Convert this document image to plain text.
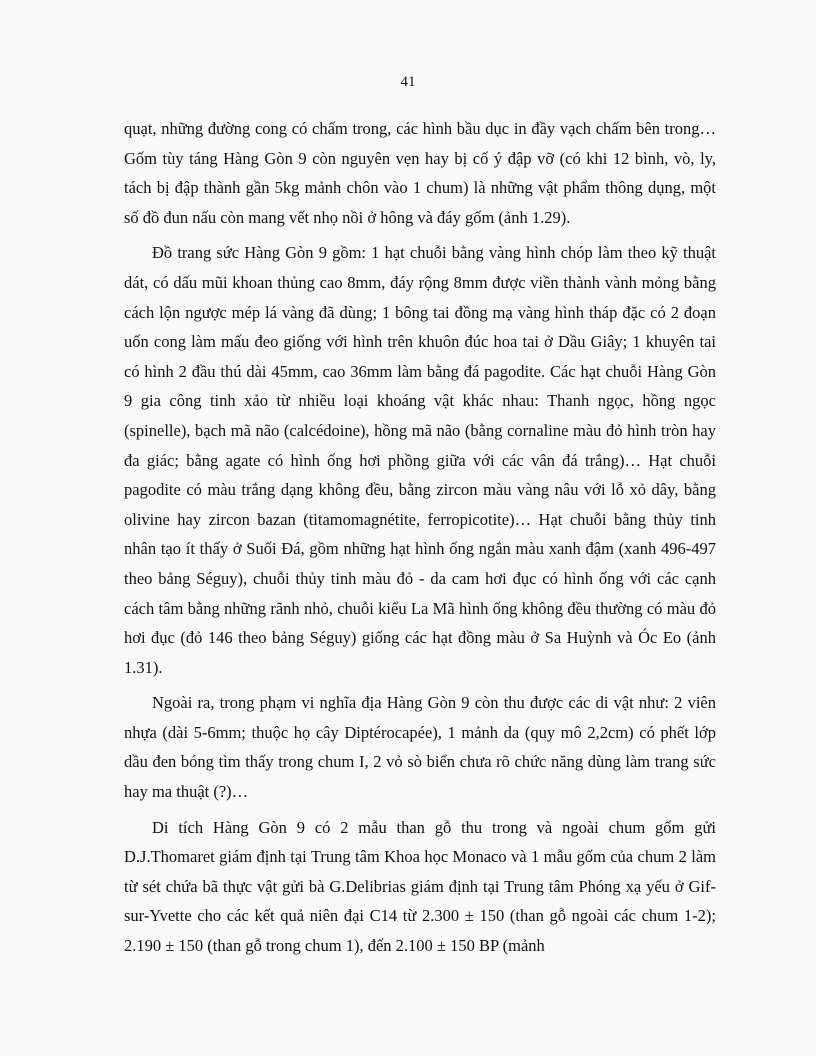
41

quạt, những đường cong có chấm trong, các hình bầu dục in đầy vạch chấm bên trong… Gốm tùy táng Hàng Gòn 9 còn nguyên vẹn hay bị cố ý đập vỡ (có khi 12 bình, vò, ly, tách bị đập thành gần 5kg mảnh chôn vào 1 chum) là những vật phẩm thông dụng, một số đồ đun nấu còn mang vết nhọ nồi ở hông và đáy gốm (ảnh 1.29).

Đồ trang sức Hàng Gòn 9 gồm: 1 hạt chuỗi bằng vàng hình chóp làm theo kỹ thuật dát, có dấu mũi khoan thủng cao 8mm, đáy rộng 8mm được viền thành vành mỏng bằng cách lộn ngược mép lá vàng đã dùng; 1 bông tai đồng mạ vàng hình tháp đặc có 2 đoạn uốn cong làm mấu đeo giống với hình trên khuôn đúc hoa tai ở Dầu Giây; 1 khuyên tai có hình 2 đầu thú dài 45mm, cao 36mm làm bằng đá pagodite. Các hạt chuỗi Hàng Gòn 9 gia công tinh xảo từ nhiều loại khoáng vật khác nhau: Thanh ngọc, hồng ngọc (spinelle), bạch mã não (calcédoine), hồng mã não (bằng cornaline màu đỏ hình tròn hay đa giác; bằng agate có hình ống hơi phồng giữa với các vân đá trắng)… Hạt chuỗi pagodite có màu trắng dạng không đều, bằng zircon màu vàng nâu với lỗ xỏ dây, bằng olivine hay zircon bazan (titamomagnétite, ferropicotite)… Hạt chuỗi bằng thủy tinh nhân tạo ít thấy ở Suối Đá, gồm những hạt hình ống ngắn màu xanh đậm (xanh 496-497 theo bảng Séguy), chuỗi thủy tinh màu đỏ - da cam hơi đục có hình ống với các cạnh cách tâm bằng những rãnh nhỏ, chuỗi kiểu La Mã hình ống không đều thường có màu đỏ hơi đục (đỏ 146 theo bảng Séguy) giống các hạt đồng màu ở Sa Huỳnh và Óc Eo (ảnh 1.31).

Ngoài ra, trong phạm vi nghĩa địa Hàng Gòn 9 còn thu được các di vật như: 2 viên nhựa (dài 5-6mm; thuộc họ cây Diptérocapée), 1 mảnh da (quy mô 2,2cm) có phết lớp dầu đen bóng tìm thấy trong chum I, 2 vỏ sò biển chưa rõ chức năng dùng làm trang sức hay ma thuật (?)…

Di tích Hàng Gòn 9 có 2 mẫu than gỗ thu trong và ngoài chum gốm gửi D.J.Thomaret giám định tại Trung tâm Khoa học Monaco và 1 mẫu gốm của chum 2 làm từ sét chứa bã thực vật gửi bà G.Delibrias giám định tại Trung tâm Phóng xạ yếu ở Gif-sur-Yvette cho các kết quả niên đại C14 từ 2.300 ± 150 (than gỗ ngoài các chum 1-2); 2.190 ± 150 (than gỗ trong chum 1), đến 2.100 ± 150 BP (mảnh
